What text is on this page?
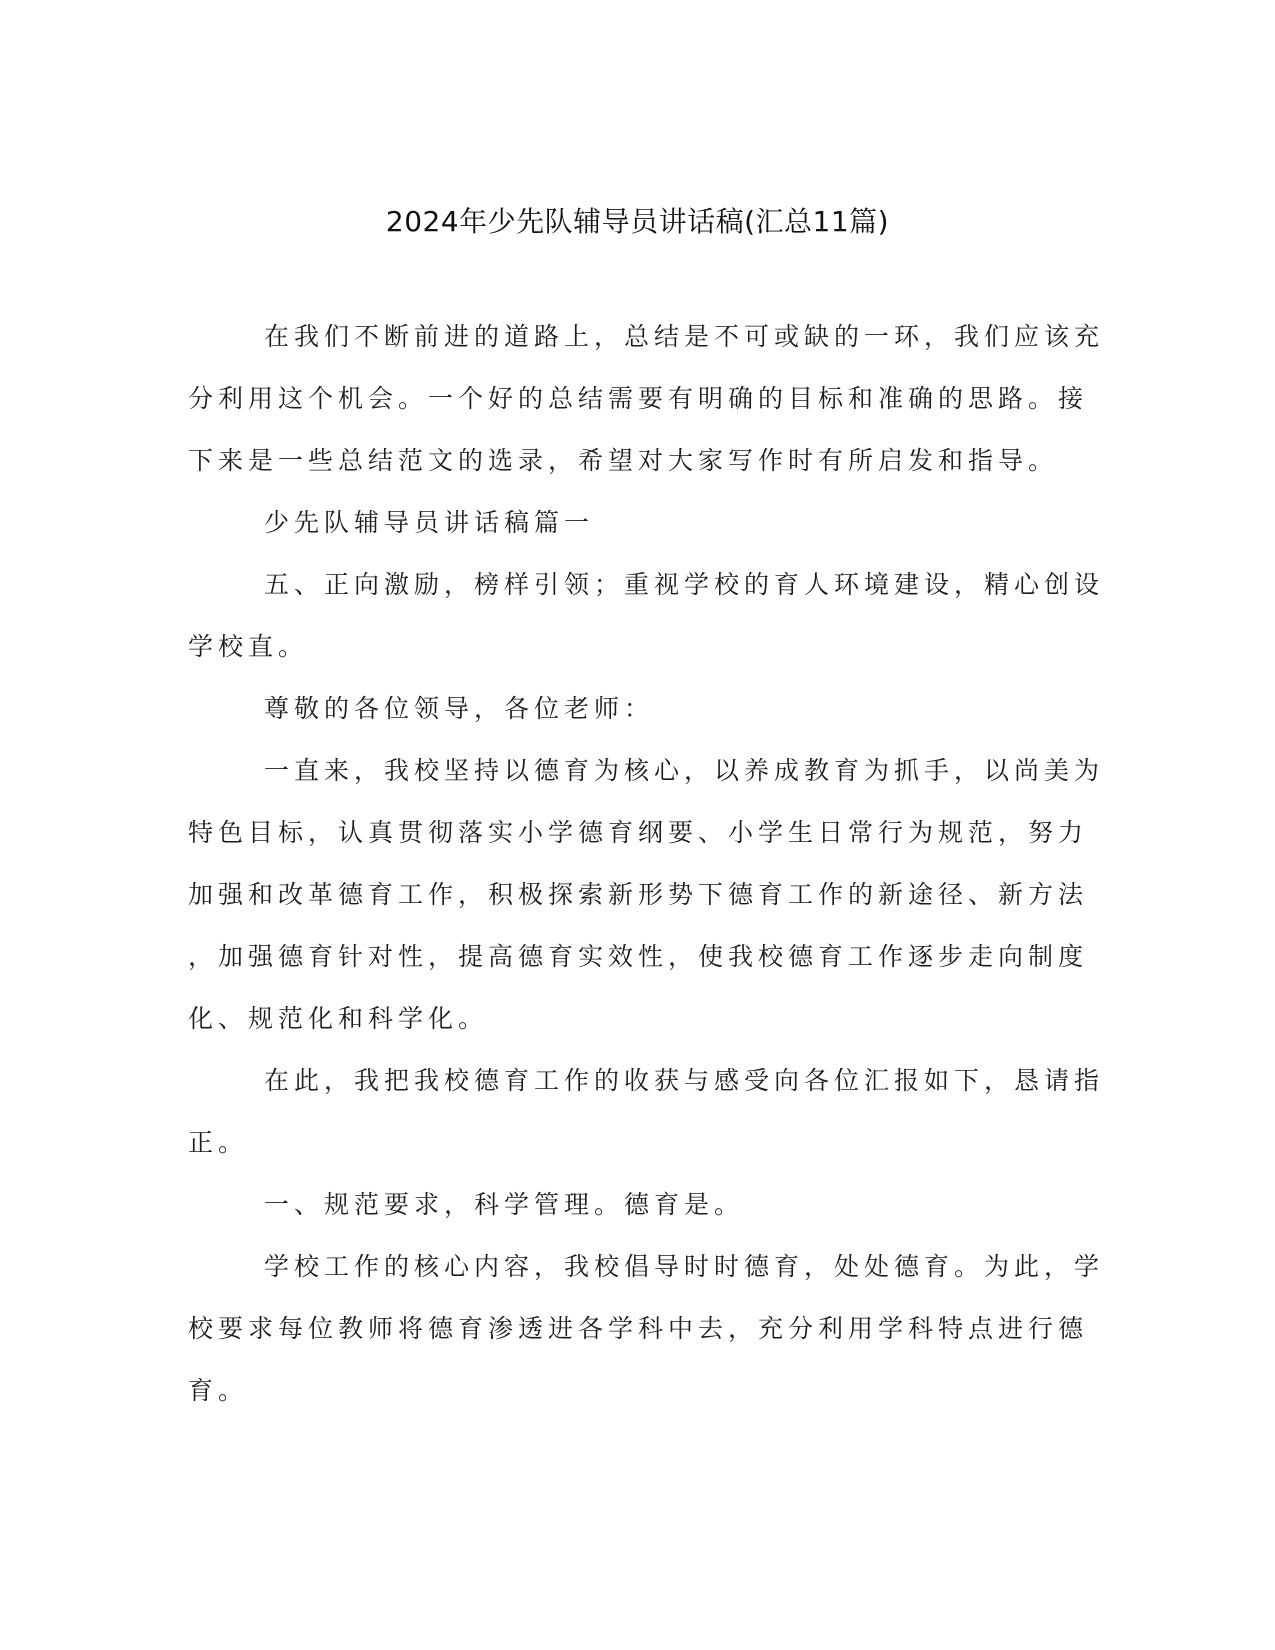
2024年少先队辅导员讲话稿(汇总11篇)
在我们不断前进的道路上，总结是不可或缺的一环，我们应该充
分利用这个机会。一个好的总结需要有明确的目标和准确的思路。接
下来是一些总结范文的选录，希望对大家写作时有所启发和指导。
少先队辅导员讲话稿篇一
五、正向激励，榜样引领；重视学校的育人环境建设，精心创设
学校直。
尊敬的各位领导，各位老师：
一直来，我校坚持以德育为核心，以养成教育为抓手，以尚美为
特色目标，认真贯彻落实小学德育纲要、小学生日常行为规范，努力
加强和改革德育工作，积极探索新形势下德育工作的新途径、新方法
，加强德育针对性，提高德育实效性，使我校德育工作逐步走向制度
化、规范化和科学化。
在此，我把我校德育工作的收获与感受向各位汇报如下，恳请指
正。
一、规范要求，科学管理。德育是。
学校工作的核心内容，我校倡导时时德育，处处德育。为此，学
校要求每位教师将德育渗透进各学科中去，充分利用学科特点进行德
育。
